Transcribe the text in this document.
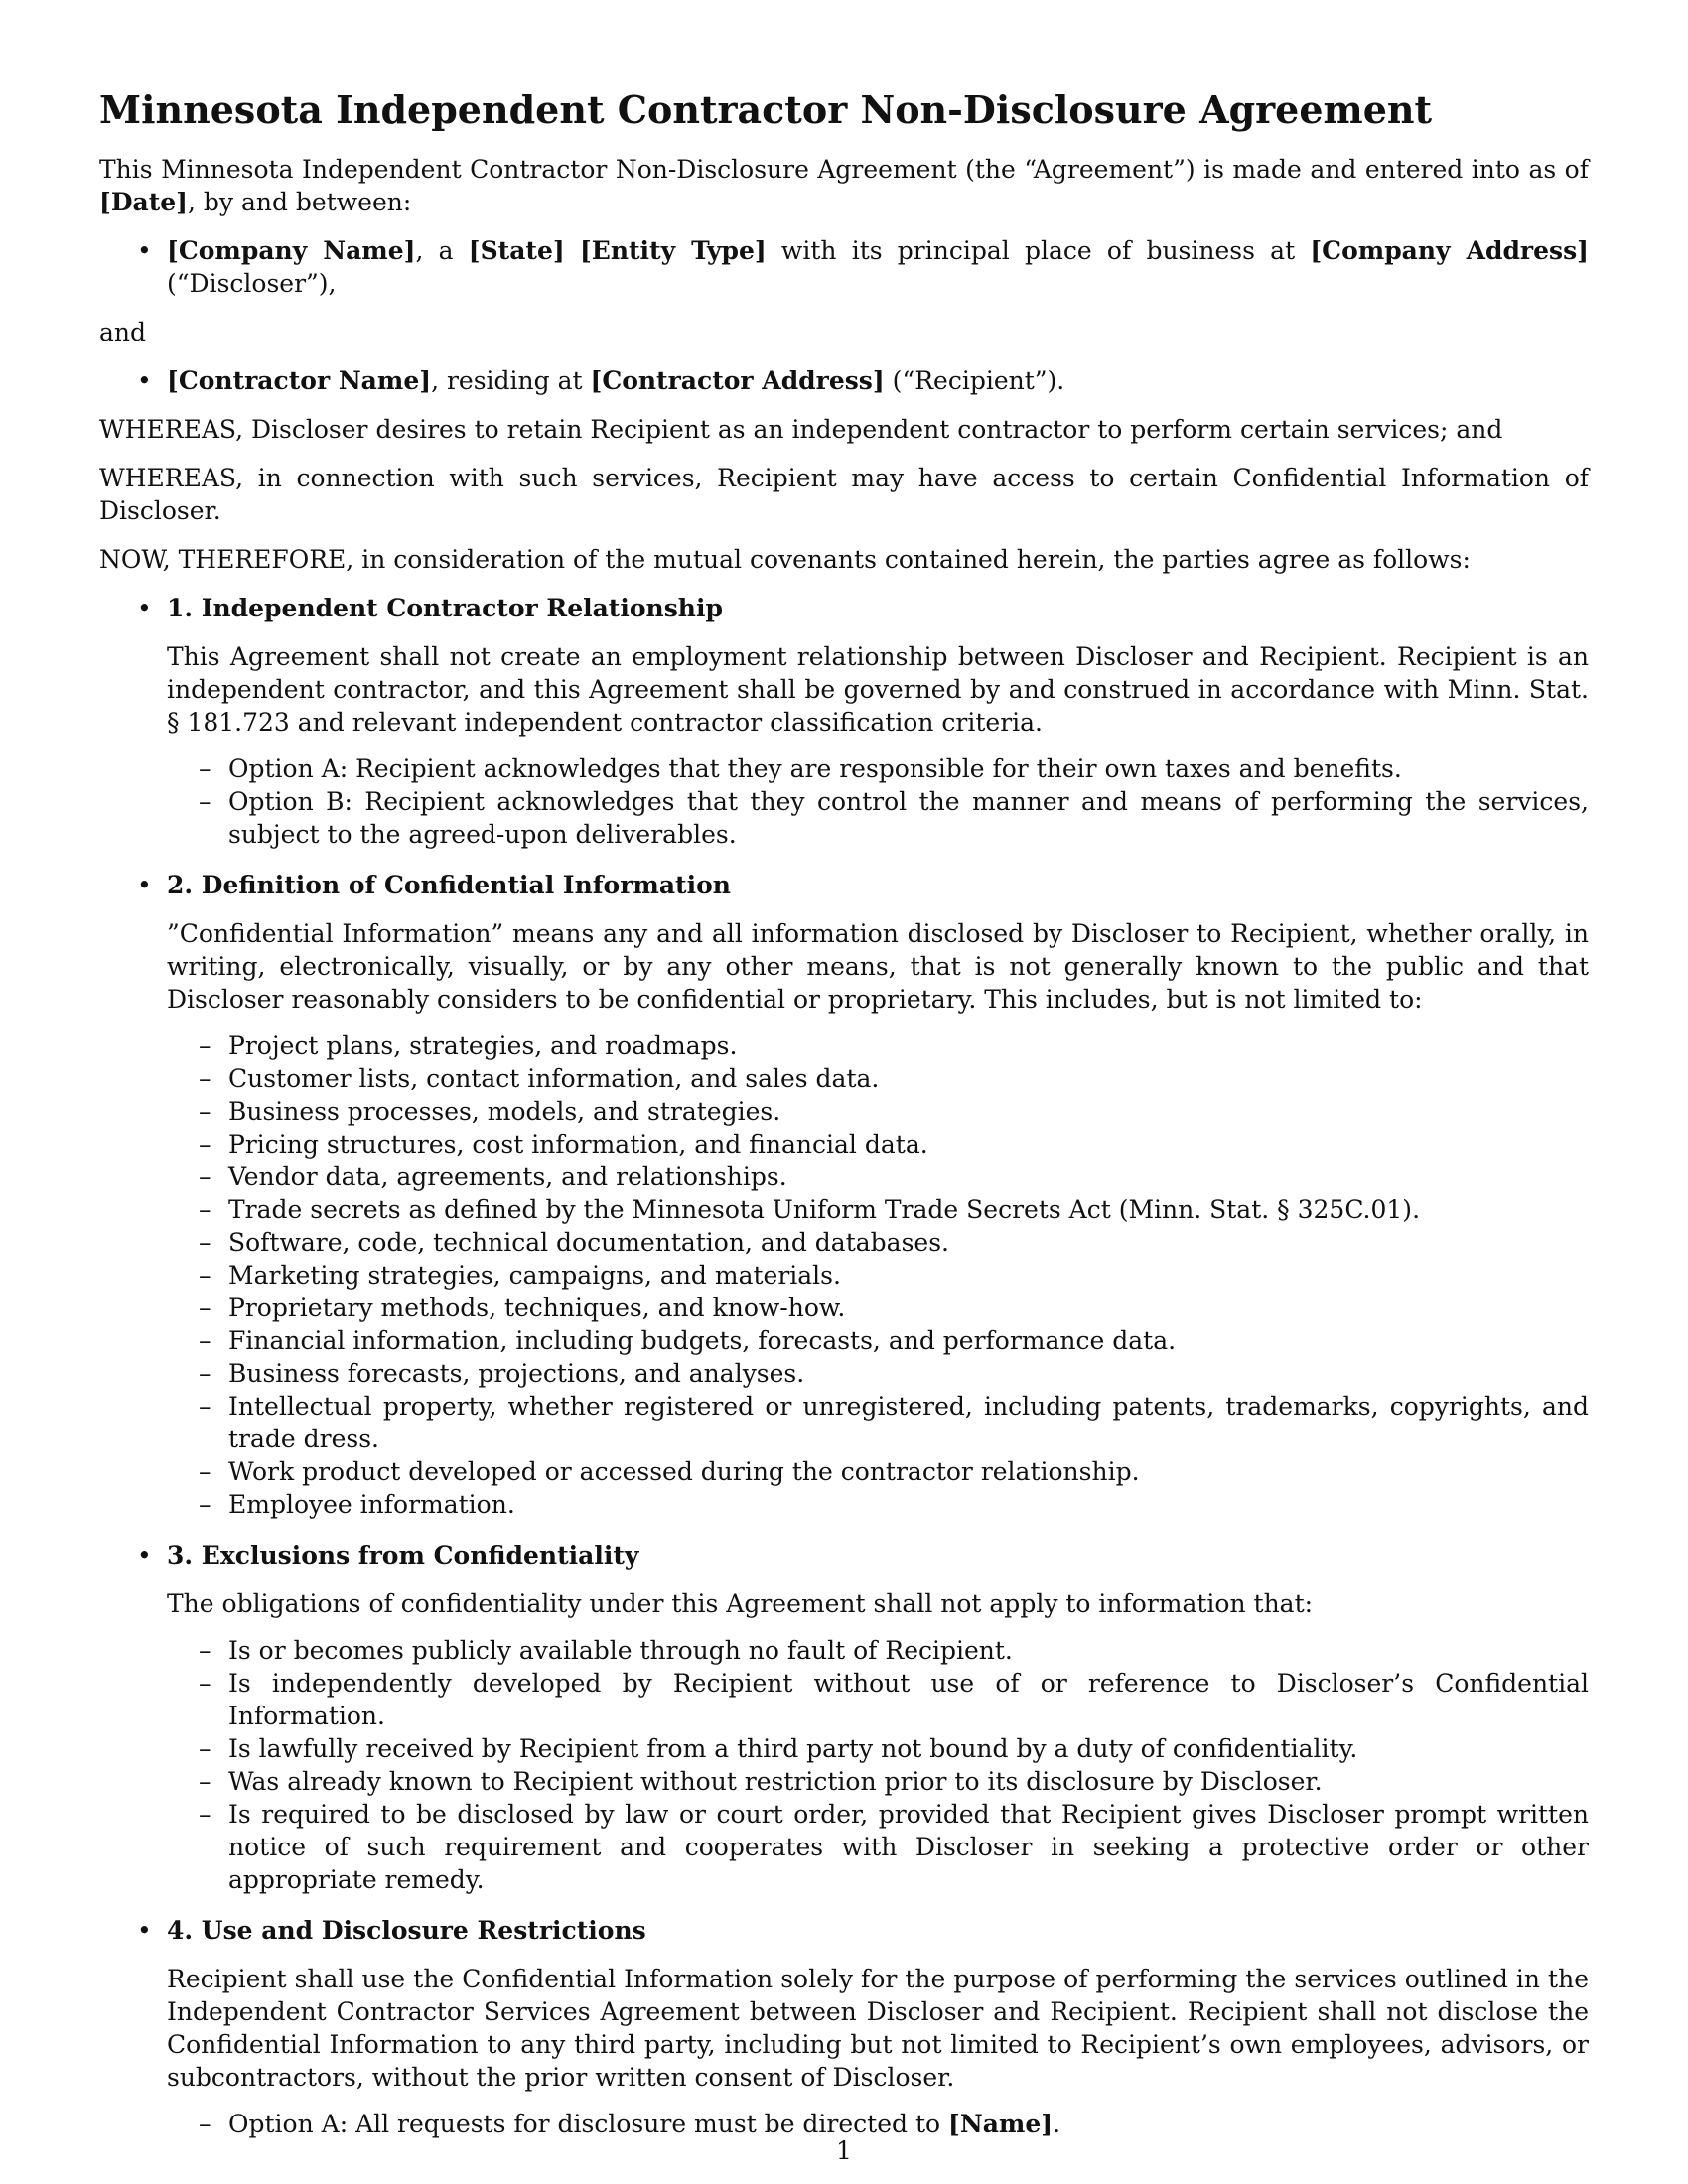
Minnesota Independent Contractor Non-Disclosure Agreement

This Minnesota Independent Contractor Non-Disclosure Agreement (the “Agreement”) is made and entered into as of [Date], by and between:

• [Company Name], a [State] [Entity Type] with its principal place of business at [Company Address] (“Discloser”),

and

• [Contractor Name], residing at [Contractor Address] (“Recipient”).

WHEREAS, Discloser desires to retain Recipient as an independent contractor to perform certain services; and

WHEREAS, in connection with such services, Recipient may have access to certain Confidential Information of Discloser.

NOW, THEREFORE, in consideration of the mutual covenants contained herein, the parties agree as follows:

• 1. Independent Contractor Relationship
This Agreement shall not create an employment relationship between Discloser and Recipient. Recipient is an independent contractor, and this Agreement shall be governed by and construed in accordance with Minn. Stat. § 181.723 and relevant independent contractor classification criteria.
– Option A: Recipient acknowledges that they are responsible for their own taxes and benefits.
– Option B: Recipient acknowledges that they control the manner and means of performing the services, subject to the agreed-upon deliverables.
• 2. Definition of Confidential Information
”Confidential Information” means any and all information disclosed by Discloser to Recipient, whether orally, in writing, electronically, visually, or by any other means, that is not generally known to the public and that Discloser reasonably considers to be confidential or proprietary. This includes, but is not limited to:
– Project plans, strategies, and roadmaps.
– Customer lists, contact information, and sales data.
– Business processes, models, and strategies.
– Pricing structures, cost information, and financial data.
– Vendor data, agreements, and relationships.
– Trade secrets as defined by the Minnesota Uniform Trade Secrets Act (Minn. Stat. § 325C.01).
– Software, code, technical documentation, and databases.
– Marketing strategies, campaigns, and materials.
– Proprietary methods, techniques, and know-how.
– Financial information, including budgets, forecasts, and performance data.
– Business forecasts, projections, and analyses.
– Intellectual property, whether registered or unregistered, including patents, trademarks, copyrights, and trade dress.
– Work product developed or accessed during the contractor relationship.
– Employee information.
• 3. Exclusions from Confidentiality
The obligations of confidentiality under this Agreement shall not apply to information that:
– Is or becomes publicly available through no fault of Recipient.
– Is independently developed by Recipient without use of or reference to Discloser’s Confidential Information.
– Is lawfully received by Recipient from a third party not bound by a duty of confidentiality.
– Was already known to Recipient without restriction prior to its disclosure by Discloser.
– Is required to be disclosed by law or court order, provided that Recipient gives Discloser prompt written notice of such requirement and cooperates with Discloser in seeking a protective order or other appropriate remedy.
• 4. Use and Disclosure Restrictions
Recipient shall use the Confidential Information solely for the purpose of performing the services outlined in the Independent Contractor Services Agreement between Discloser and Recipient. Recipient shall not disclose the Confidential Information to any third party, including but not limited to Recipient’s own employees, advisors, or subcontractors, without the prior written consent of Discloser.
– Option A: All requests for disclosure must be directed to [Name].
1
